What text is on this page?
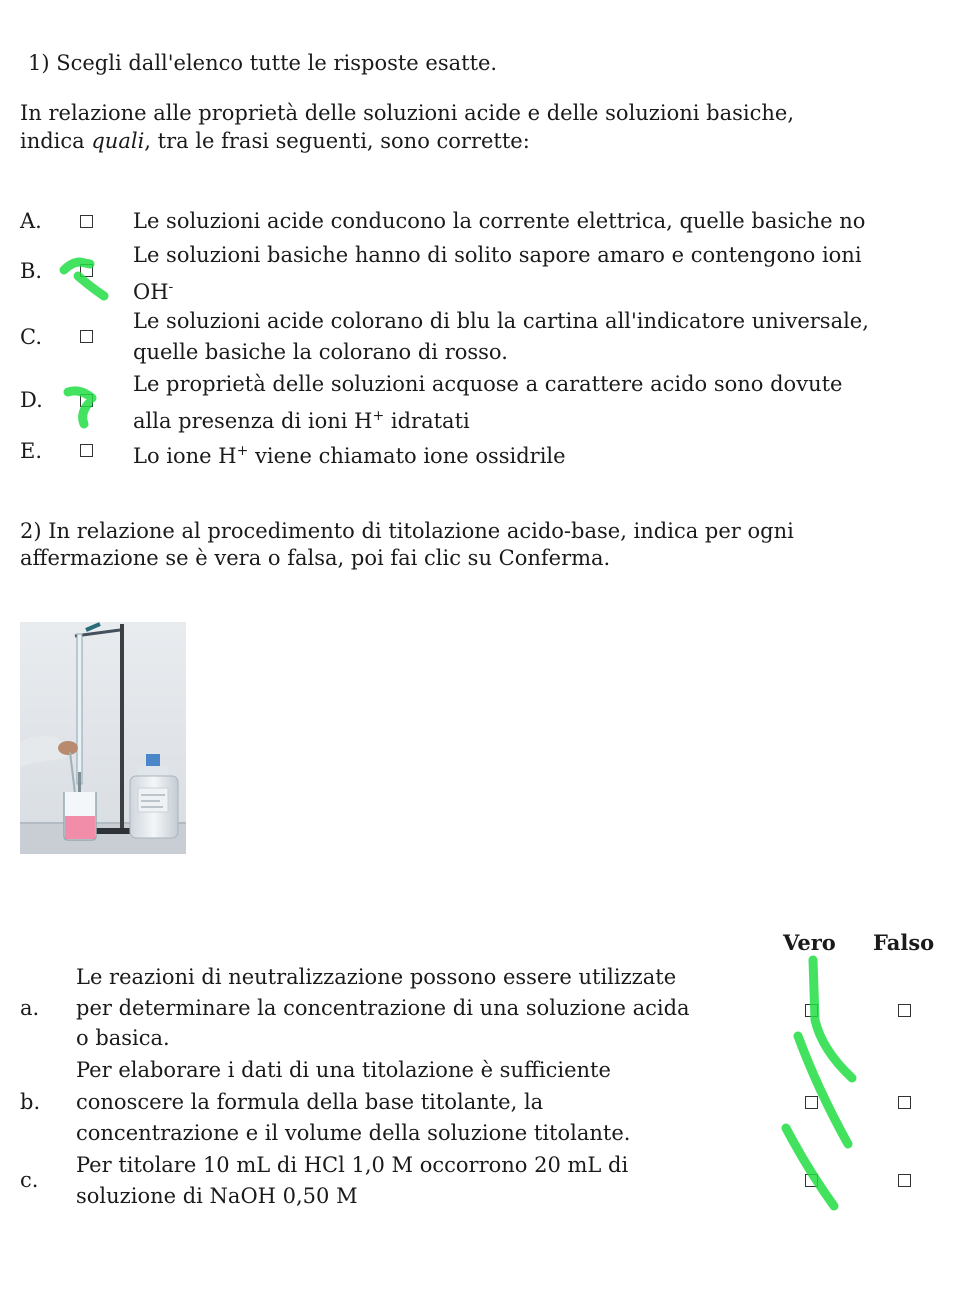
1) Scegli dall'elenco tutte le risposte esatte.
In relazione alle proprietà delle soluzioni acide e delle soluzioni basiche,
indica quali, tra le frasi seguenti, sono corrette:
A.	Le soluzioni acide conducono la corrente elettrica, quelle basiche no
B.
Le soluzioni basiche hanno di solito sapore amaro e contengono ioni
OH-
C.
Le soluzioni acide colorano di blu la cartina all'indicatore universale,
quelle basiche la colorano di rosso.
D.
Le proprietà delle soluzioni acquose a carattere acido sono dovute
alla presenza di ioni H+ idratati
E.	Lo ione H+ viene chiamato ione ossidrile
2) In relazione al procedimento di titolazione acido-base, indica per ogni
affermazione se è vera o falsa, poi fai clic su Conferma.
Vero Falso
a.
Le reazioni di neutralizzazione possono essere utilizzate
per determinare la concentrazione di una soluzione acida
o basica.
b.
Per elaborare i dati di una titolazione è sufficiente
conoscere la formula della base titolante, la
concentrazione e il volume della soluzione titolante.
c.
Per titolare 10 mL di HCl 1,0 M occorrono 20 mL di
soluzione di NaOH 0,50 M
